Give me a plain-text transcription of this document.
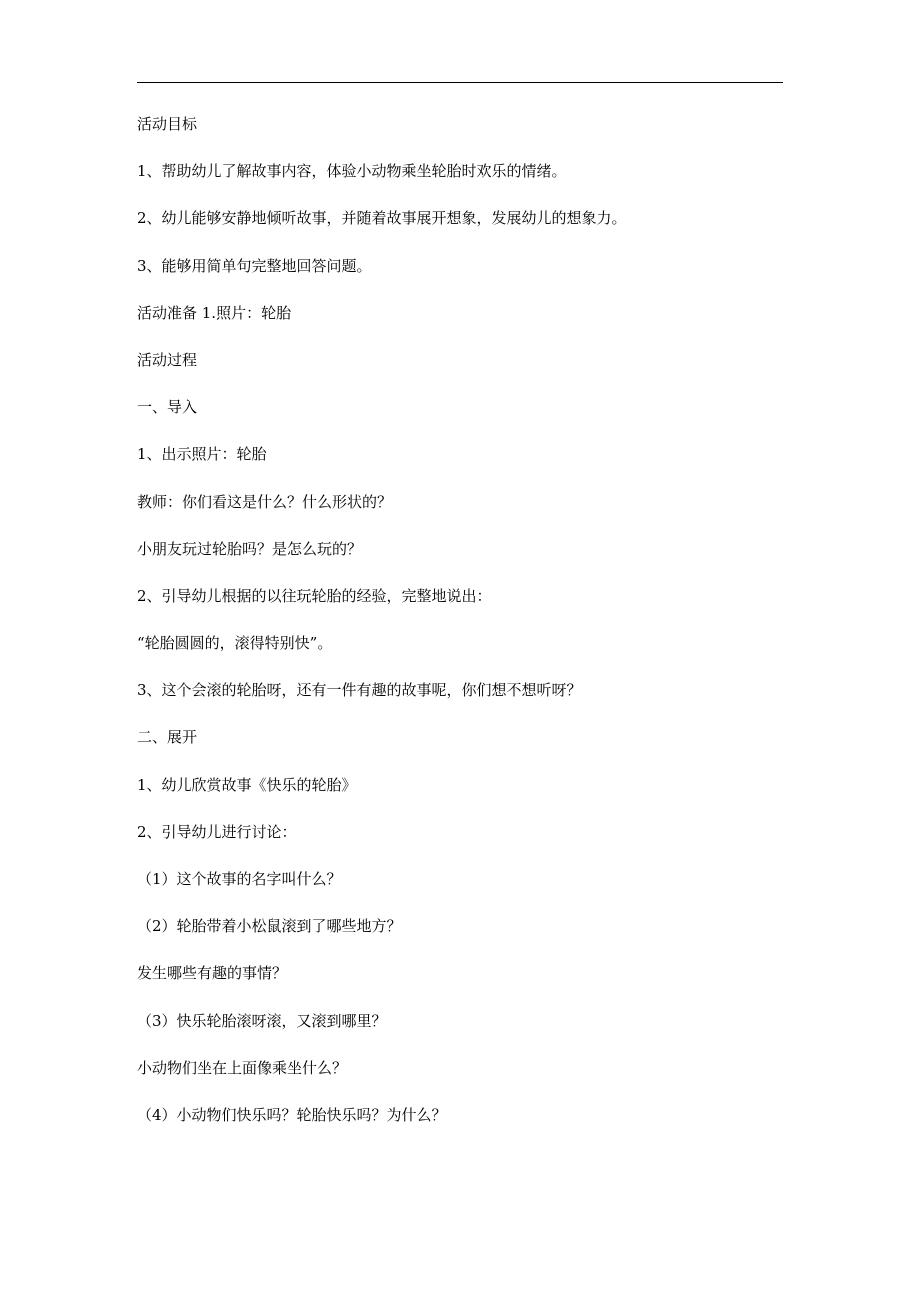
活动目标
1、帮助幼儿了解故事内容，体验小动物乘坐轮胎时欢乐的情绪。
2、幼儿能够安静地倾听故事，并随着故事展开想象，发展幼儿的想象力。
3、能够用简单句完整地回答问题。
活动准备 1.照片：轮胎
活动过程
一、导入
1、出示照片：轮胎
教师：你们看这是什么？什么形状的？
小朋友玩过轮胎吗？是怎么玩的？
2、引导幼儿根据的以往玩轮胎的经验，完整地说出：
“轮胎圆圆的，滚得特别快”。
3、这个会滚的轮胎呀，还有一件有趣的故事呢，你们想不想听呀？
二、展开
1、幼儿欣赏故事《快乐的轮胎》
2、引导幼儿进行讨论：
（1）这个故事的名字叫什么？
（2）轮胎带着小松鼠滚到了哪些地方？
发生哪些有趣的事情？
（3）快乐轮胎滚呀滚，又滚到哪里？
小动物们坐在上面像乘坐什么？
（4）小动物们快乐吗？轮胎快乐吗？为什么？
